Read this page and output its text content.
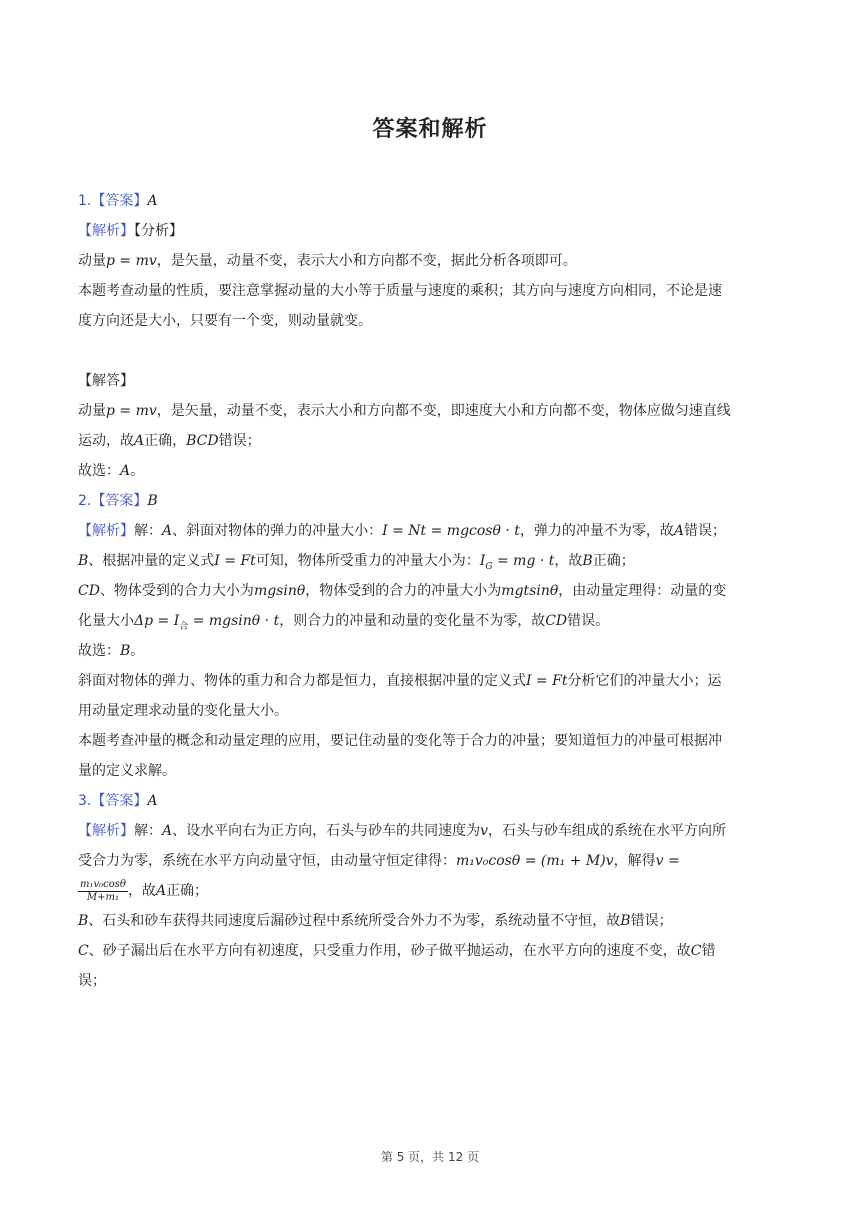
答案和解析
1.【答案】A
【解析】【分析】
动量p = mv，是矢量，动量不变，表示大小和方向都不变，据此分析各项即可。
本题考查动量的性质，要注意掌握动量的大小等于质量与速度的乘积；其方向与速度方向相同，不论是速
度方向还是大小，只要有一个变，则动量就变。
【解答】
动量p = mv，是矢量，动量不变，表示大小和方向都不变，即速度大小和方向都不变，物体应做匀速直线
运动，故A正确，BCD错误；
故选：A。
2.【答案】B
【解析】解：A、斜面对物体的弹力的冲量大小：I = Nt = mgcosθ · t，弹力的冲量不为零，故A错误；
B、根据冲量的定义式I = Ft可知，物体所受重力的冲量大小为：$I_G$ = mg · t，故B正确；
CD、物体受到的合力大小为mgsinθ，物体受到的合力的冲量大小为mgtsinθ，由动量定理得：动量的变
化量大小$\Delta p = I_合 = mgsin\theta \cdot t$，则合力的冲量和动量的变化量不为零，故CD错误。
故选：B。
斜面对物体的弹力、物体的重力和合力都是恒力，直接根据冲量的定义式I = Ft分析它们的冲量大小；运
用动量定理求动量的变化量大小。
本题考查冲量的概念和动量定理的应用，要记住动量的变化等于合力的冲量；要知道恒力的冲量可根据冲
量的定义求解。
3.【答案】A
【解析】解：A、设水平向右为正方向，石头与砂车的共同速度为v，石头与砂车组成的系统在水平方向所
受合力为零，系统在水平方向动量守恒，由动量守恒定律得：m₁v₀cosθ = (m₁ + M)v，解得v =
$\frac{\text{m₁v₀cosθ}}{\text{M+m₁}}$ ，故A正确；
B、石头和砂车获得共同速度后漏砂过程中系统所受合外力不为零，系统动量不守恒，故B错误；
C、砂子漏出后在水平方向有初速度，只受重力作用，砂子做平抛运动，在水平方向的速度不变，故C错
误；
第 5 页，共 12 页
